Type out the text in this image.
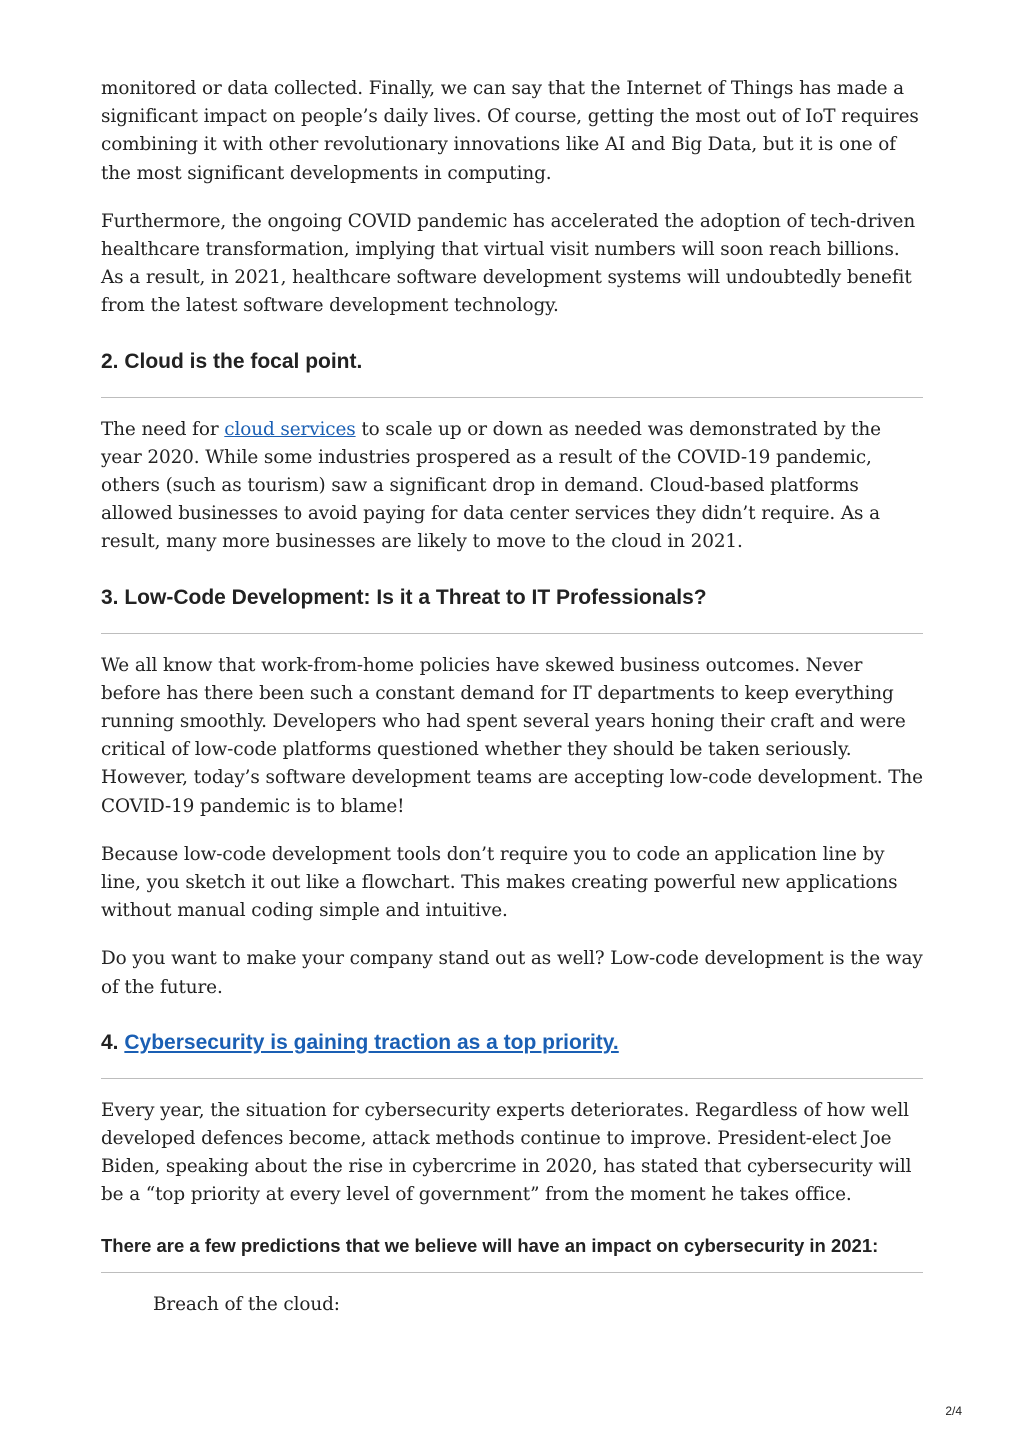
monitored or data collected. Finally, we can say that the Internet of Things has made a significant impact on people’s daily lives. Of course, getting the most out of IoT requires combining it with other revolutionary innovations like AI and Big Data, but it is one of the most significant developments in computing.

Furthermore, the ongoing COVID pandemic has accelerated the adoption of tech-driven healthcare transformation, implying that virtual visit numbers will soon reach billions. As a result, in 2021, healthcare software development systems will undoubtedly benefit from the latest software development technology.

2. Cloud is the focal point.

The need for cloud services to scale up or down as needed was demonstrated by the year 2020. While some industries prospered as a result of the COVID-19 pandemic, others (such as tourism) saw a significant drop in demand. Cloud-based platforms allowed businesses to avoid paying for data center services they didn’t require. As a result, many more businesses are likely to move to the cloud in 2021.

3. Low-Code Development: Is it a Threat to IT Professionals?

We all know that work-from-home policies have skewed business outcomes. Never before has there been such a constant demand for IT departments to keep everything running smoothly. Developers who had spent several years honing their craft and were critical of low-code platforms questioned whether they should be taken seriously. However, today’s software development teams are accepting low-code development. The COVID-19 pandemic is to blame!

Because low-code development tools don’t require you to code an application line by line, you sketch it out like a flowchart. This makes creating powerful new applications without manual coding simple and intuitive.

Do you want to make your company stand out as well? Low-code development is the way of the future.

4. Cybersecurity is gaining traction as a top priority.

Every year, the situation for cybersecurity experts deteriorates. Regardless of how well developed defences become, attack methods continue to improve. President-elect Joe Biden, speaking about the rise in cybercrime in 2020, has stated that cybersecurity will be a “top priority at every level of government” from the moment he takes office.

There are a few predictions that we believe will have an impact on cybersecurity in 2021:

Breach of the cloud:

2/4
